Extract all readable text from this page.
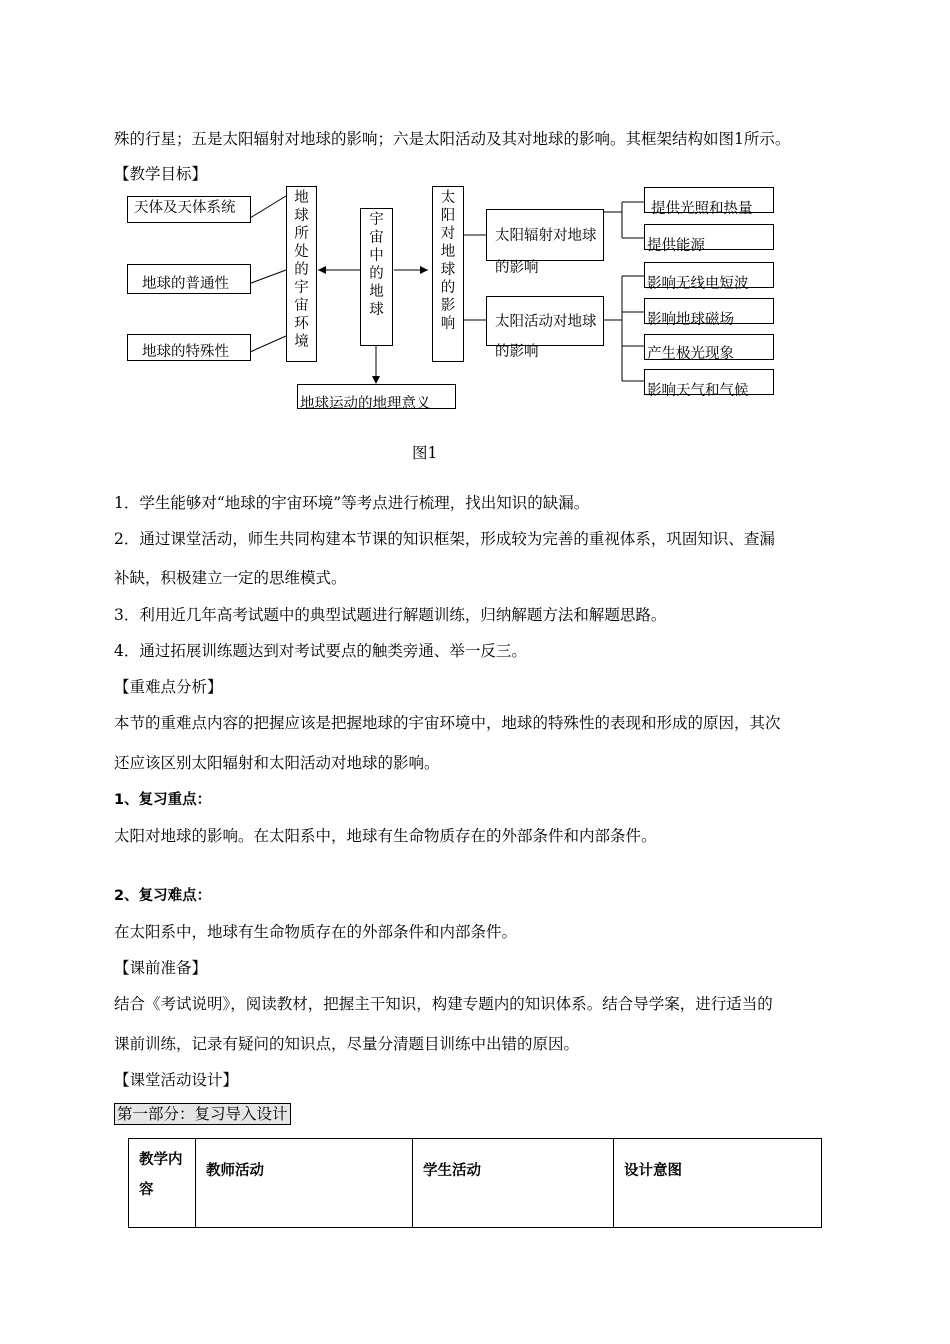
殊的行星；五是太阳辐射对地球的影响；六是太阳活动及其对地球的影响。其框架结构如图1所示。
【教学目标】
天体及天体系统
地球的普通性
地球的特殊性
地
球
所
处
的
宇
宙
环
境
宇
宙
中
的
地
球
太
阳
对
地
球
的
影
响
地球运动的地理意义
太阳辐射对地球的影响
太阳活动对地球的影响
提供光照和热量
提供能源
影响无线电短波
影响地球磁场
产生极光现象
影响天气和气候
图1
1．学生能够对“地球的宇宙环境”等考点进行梳理，找出知识的缺漏。
2．通过课堂活动，师生共同构建本节课的知识框架，形成较为完善的重视体系，巩固知识、查漏
补缺，积极建立一定的思维模式。
3．利用近几年高考试题中的典型试题进行解题训练，归纳解题方法和解题思路。
4．通过拓展训练题达到对考试要点的触类旁通、举一反三。
【重难点分析】
本节的重难点内容的把握应该是把握地球的宇宙环境中，地球的特殊性的表现和形成的原因，其次
还应该区别太阳辐射和太阳活动对地球的影响。
1、复习重点：
太阳对地球的影响。在太阳系中，地球有生命物质存在的外部条件和内部条件。
2、复习难点：
在太阳系中，地球有生命物质存在的外部条件和内部条件。
【课前准备】
结合《考试说明》，阅读教材，把握主干知识，构建专题内的知识体系。结合导学案，进行适当的
课前训练，记录有疑问的知识点，尽量分清题目训练中出错的原因。
【课堂活动设计】
第一部分：复习导入设计
教学内容	教师活动	学生活动	设计意图
